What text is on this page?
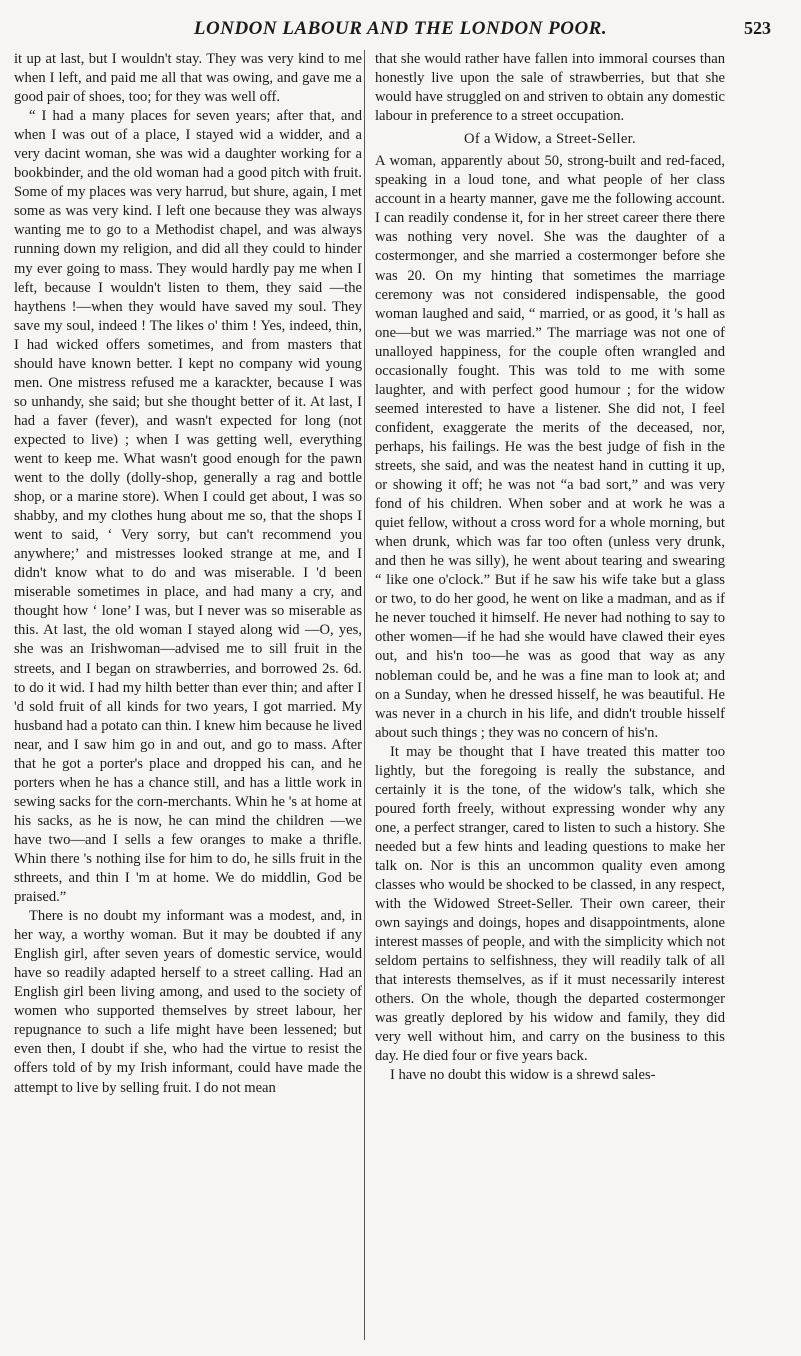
LONDON LABOUR AND THE LONDON POOR.	523

it up at last, but I wouldn't stay. They was very kind to me when I left, and paid me all that was owing, and gave me a good pair of shoes, too; for they was well off.

“ I had a many places for seven years; after that, and when I was out of a place, I stayed wid a widder, and a very dacint woman, she was wid a daughter working for a bookbinder, and the old woman had a good pitch with fruit. Some of my places was very harrud, but shure, again, I met some as was very kind. I left one because they was always wanting me to go to a Methodist chapel, and was always running down my religion, and did all they could to hinder my ever going to mass. They would hardly pay me when I left, because I wouldn't listen to them, they said —the haythens !—when they would have saved my soul. They save my soul, indeed ! The likes o' thim ! Yes, indeed, thin, I had wicked offers sometimes, and from masters that should have known better. I kept no company wid young men. One mistress refused me a karackter, because I was so unhandy, she said; but she thought better of it. At last, I had a faver (fever), and wasn't expected for long (not expected to live) ; when I was getting well, everything went to keep me. What wasn't good enough for the pawn went to the dolly (dolly-shop, generally a rag and bottle shop, or a marine store). When I could get about, I was so shabby, and my clothes hung about me so, that the shops I went to said, ‘ Very sorry, but can't recommend you anywhere;’ and mistresses looked strange at me, and I didn't know what to do and was miserable. I 'd been miserable sometimes in place, and had many a cry, and thought how ‘ lone’ I was, but I never was so miserable as this. At last, the old woman I stayed along wid —O, yes, she was an Irishwoman—advised me to sill fruit in the streets, and I began on strawberries, and borrowed 2s. 6d. to do it wid. I had my hilth better than ever thin; and after I 'd sold fruit of all kinds for two years, I got married. My husband had a potato can thin. I knew him because he lived near, and I saw him go in and out, and go to mass. After that he got a porter's place and dropped his can, and he porters when he has a chance still, and has a little work in sewing sacks for the corn-merchants. Whin he 's at home at his sacks, as he is now, he can mind the children —we have two—and I sells a few oranges to make a thrifle. Whin there 's nothing ilse for him to do, he sills fruit in the sthreets, and thin I 'm at home. We do middlin, God be praised.”

There is no doubt my informant was a modest, and, in her way, a worthy woman. But it may be doubted if any English girl, after seven years of domestic service, would have so readily adapted herself to a street calling. Had an English girl been living among, and used to the society of women who supported themselves by street labour, her repugnance to such a life might have been lessened; but even then, I doubt if she, who had the virtue to resist the offers told of by my Irish informant, could have made the attempt to live by selling fruit. I do not mean

that she would rather have fallen into immoral courses than honestly live upon the sale of strawberries, but that she would have struggled on and striven to obtain any domestic labour in preference to a street occupation.

Of a Widow, a Street-Seller.

A woman, apparently about 50, strong-built and red-faced, speaking in a loud tone, and what people of her class account in a hearty manner, gave me the following account. I can readily condense it, for in her street career there there was nothing very novel. She was the daughter of a costermonger, and she married a costermonger before she was 20. On my hinting that sometimes the marriage ceremony was not considered indispensable, the good woman laughed and said, “ married, or as good, it 's hall as one—but we was married.” The marriage was not one of unalloyed happiness, for the couple often wrangled and occasionally fought. This was told to me with some laughter, and with perfect good humour ; for the widow seemed interested to have a listener. She did not, I feel confident, exaggerate the merits of the deceased, nor, perhaps, his failings. He was the best judge of fish in the streets, she said, and was the neatest hand in cutting it up, or showing it off; he was not “a bad sort,” and was very fond of his children. When sober and at work he was a quiet fellow, without a cross word for a whole morning, but when drunk, which was far too often (unless very drunk, and then he was silly), he went about tearing and swearing “ like one o'clock.” But if he saw his wife take but a glass or two, to do her good, he went on like a madman, and as if he never touched it himself. He never had nothing to say to other women—if he had she would have clawed their eyes out, and his'n too—he was as good that way as any nobleman could be, and he was a fine man to look at; and on a Sunday, when he dressed hisself, he was beautiful. He was never in a church in his life, and didn't trouble hisself about such things ; they was no concern of his'n.

It may be thought that I have treated this matter too lightly, but the foregoing is really the substance, and certainly it is the tone, of the widow's talk, which she poured forth freely, without expressing wonder why any one, a perfect stranger, cared to listen to such a history. She needed but a few hints and leading questions to make her talk on. Nor is this an uncommon quality even among classes who would be shocked to be classed, in any respect, with the Widowed Street-Seller. Their own career, their own sayings and doings, hopes and disappointments, alone interest masses of people, and with the simplicity which not seldom pertains to selfishness, they will readily talk of all that interests themselves, as if it must necessarily interest others. On the whole, though the departed costermonger was greatly deplored by his widow and family, they did very well without him, and carry on the business to this day. He died four or five years back.

I have no doubt this widow is a shrewd sales-
